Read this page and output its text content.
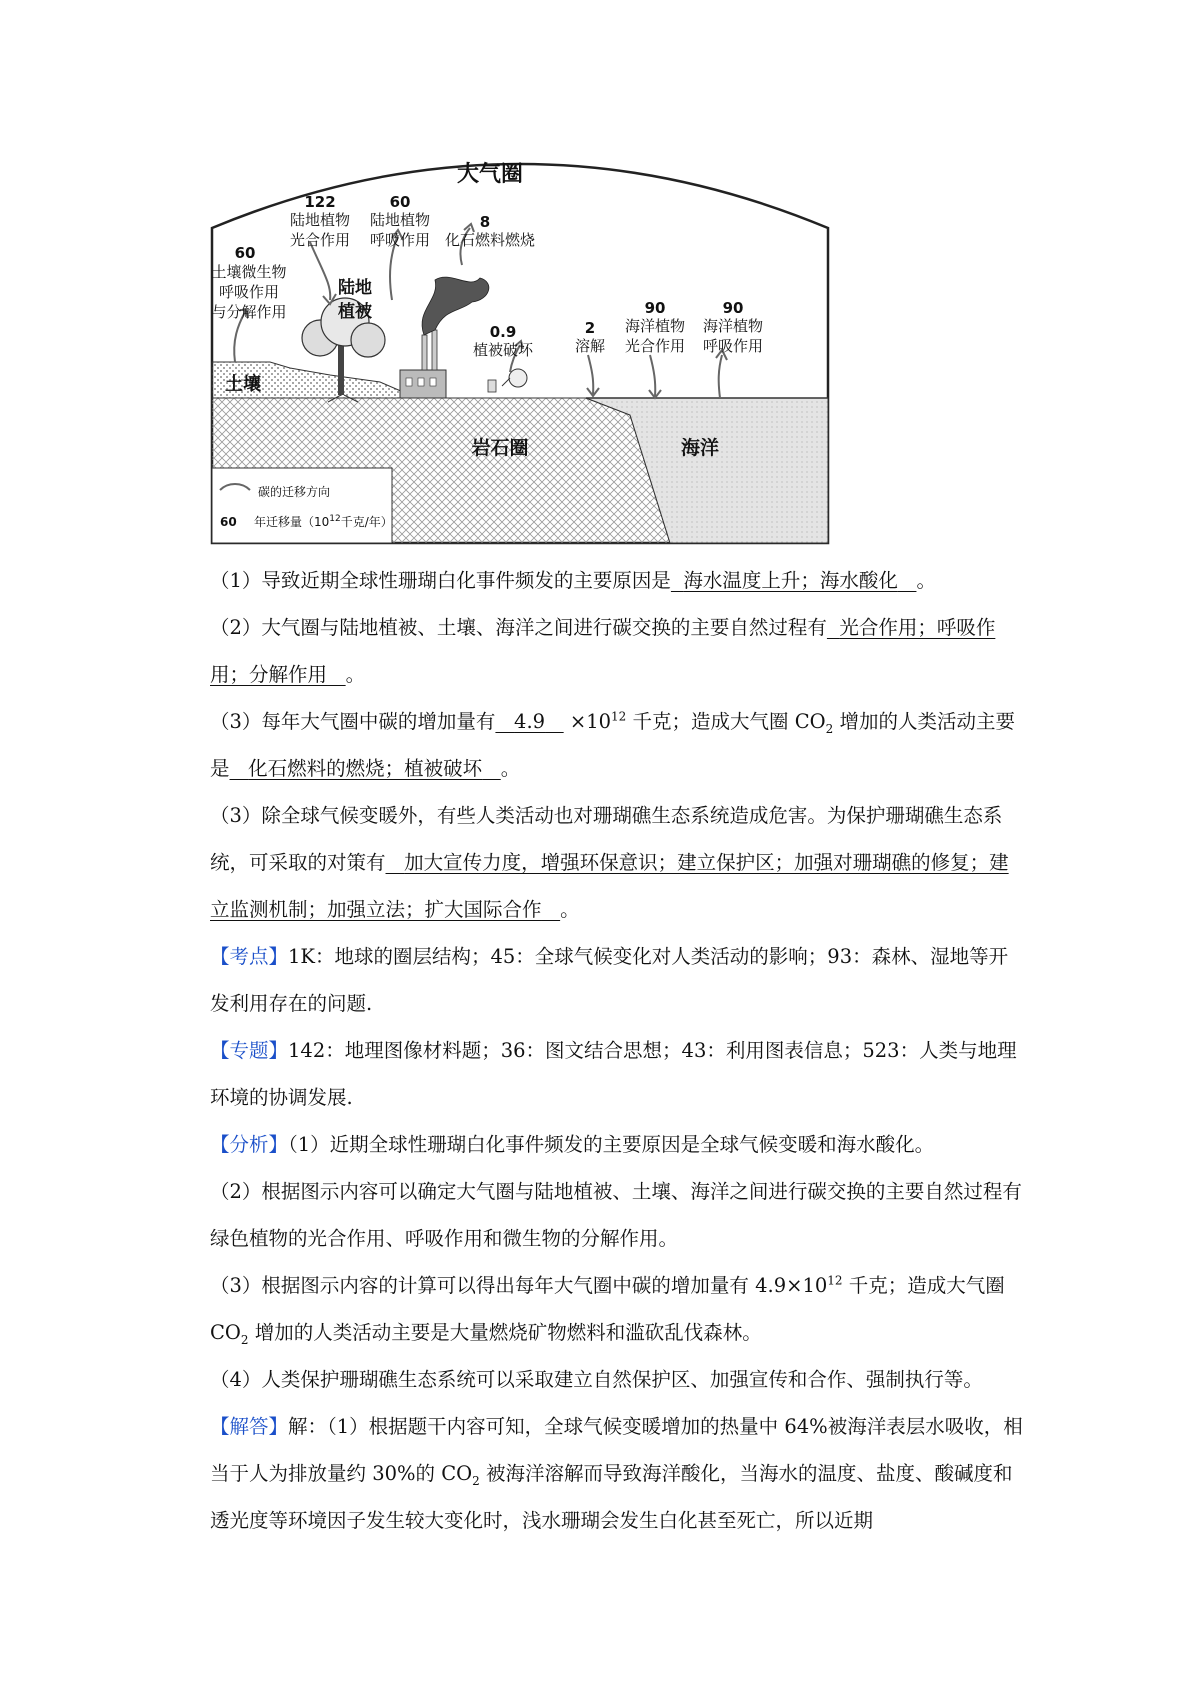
大气圈
122
陆地植物
光合作用
60
陆地植物
呼吸作用
8
化石燃料燃烧
60
土壤微生物
呼吸作用
与分解作用
陆地
植被
0.9
植被破坏
2
溶解
90
海洋植物
光合作用
90
海洋植物
呼吸作用
土壤
岩石圈	海洋
碳的迁移方向
60 年迁移量（$10^{12}$千克/年）

（1）导致近期全球性珊瑚白化事件频发的主要原因是 海水温度上升；海水酸化 。

（2）大气圈与陆地植被、土壤、海洋之间进行碳交换的主要自然过程有 光合作用；呼吸作用；分解作用 。

（3）每年大气圈中碳的增加量有 $4.9 \times 10^{12}$ 千克；造成大气圈 $CO_2$ 增加的人类活动主要是 化石燃料的燃烧；植被破坏 。

（3）除全球气候变暖外，有些人类活动也对珊瑚礁生态系统造成危害。为保护珊瑚礁生态系统，可采取的对策有 加大宣传力度，增强环保意识；建立保护区；加强对珊瑚礁的修复；建立监测机制；加强立法；扩大国际合作 。

【考点】1K：地球的圈层结构；45：全球气候变化对人类活动的影响；93：森林、湿地等开发利用存在的问题.

【专题】142：地理图像材料题；36：图文结合思想；43：利用图表信息；523：人类与地理环境的协调发展.

【分析】（1）近期全球性珊瑚白化事件频发的主要原因是全球气候变暖和海水酸化。

（2）根据图示内容可以确定大气圈与陆地植被、土壤、海洋之间进行碳交换的主要自然过程有绿色植物的光合作用、呼吸作用和微生物的分解作用。

（3）根据图示内容的计算可以得出每年大气圈中碳的增加量有 $4.9\times 10^{12}$ 千克；造成大气圈 $CO_2$ 增加的人类活动主要是大量燃烧矿物燃料和滥砍乱伐森林。

（4）人类保护珊瑚礁生态系统可以采取建立自然保护区、加强宣传和合作、强制执行等。

【解答】解：（1）根据题干内容可知，全球气候变暖增加的热量中 64%被海洋表层水吸收，相当于人为排放量约 30%的 $CO_2$ 被海洋溶解而导致海洋酸化，当海水的温度、盐度、酸碱度和透光度等环境因子发生较大变化时，浅水珊瑚会发生白化甚至死亡，所以近期
